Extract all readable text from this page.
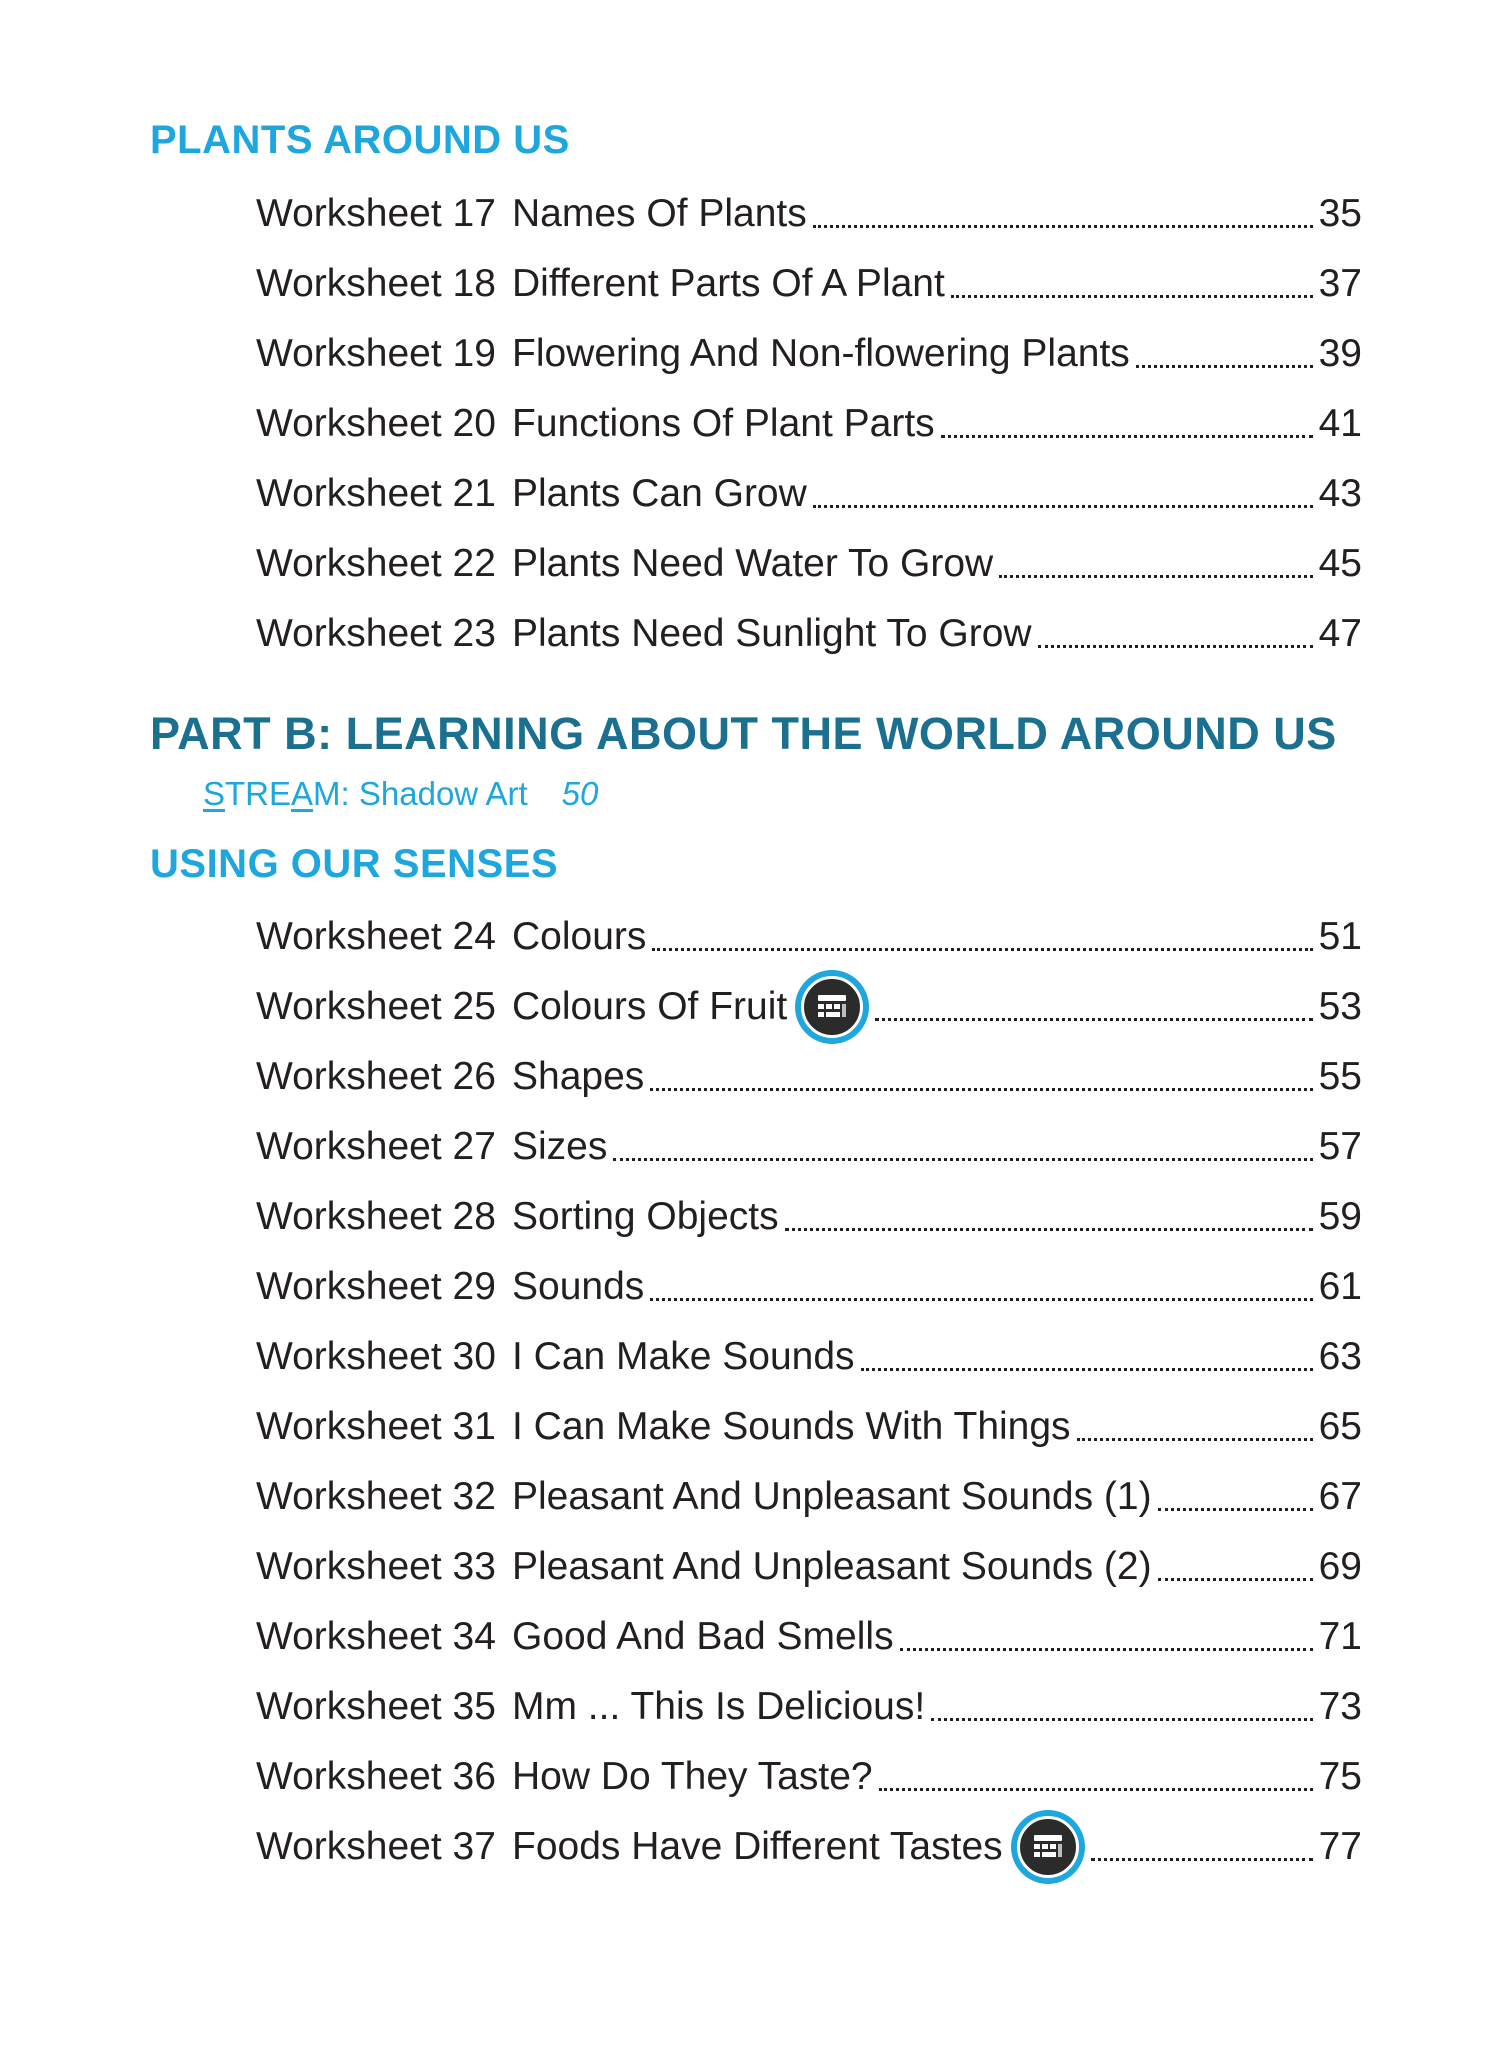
PLANTS AROUND US
Worksheet 17 Names Of Plants	35
Worksheet 18 Different Parts Of A Plant	37
Worksheet 19 Flowering And Non-flowering Plants	39
Worksheet 20 Functions Of Plant Parts	41
Worksheet 21 Plants Can Grow	43
Worksheet 22 Plants Need Water To Grow	45
Worksheet 23 Plants Need Sunlight To Grow	47
PART B: LEARNING ABOUT THE WORLD AROUND US
STREAM: Shadow Art 50
USING OUR SENSES
Worksheet 24 Colours	51
Worksheet 25 Colours Of Fruit	53
Worksheet 26 Shapes	55
Worksheet 27 Sizes	57
Worksheet 28 Sorting Objects	59
Worksheet 29 Sounds	61
Worksheet 30 I Can Make Sounds	63
Worksheet 31 I Can Make Sounds With Things	65
Worksheet 32 Pleasant And Unpleasant Sounds (1)	67
Worksheet 33 Pleasant And Unpleasant Sounds (2)	69
Worksheet 34 Good And Bad Smells	71
Worksheet 35 Mm ... This Is Delicious!	73
Worksheet 36 How Do They Taste?	75
Worksheet 37 Foods Have Different Tastes	77
